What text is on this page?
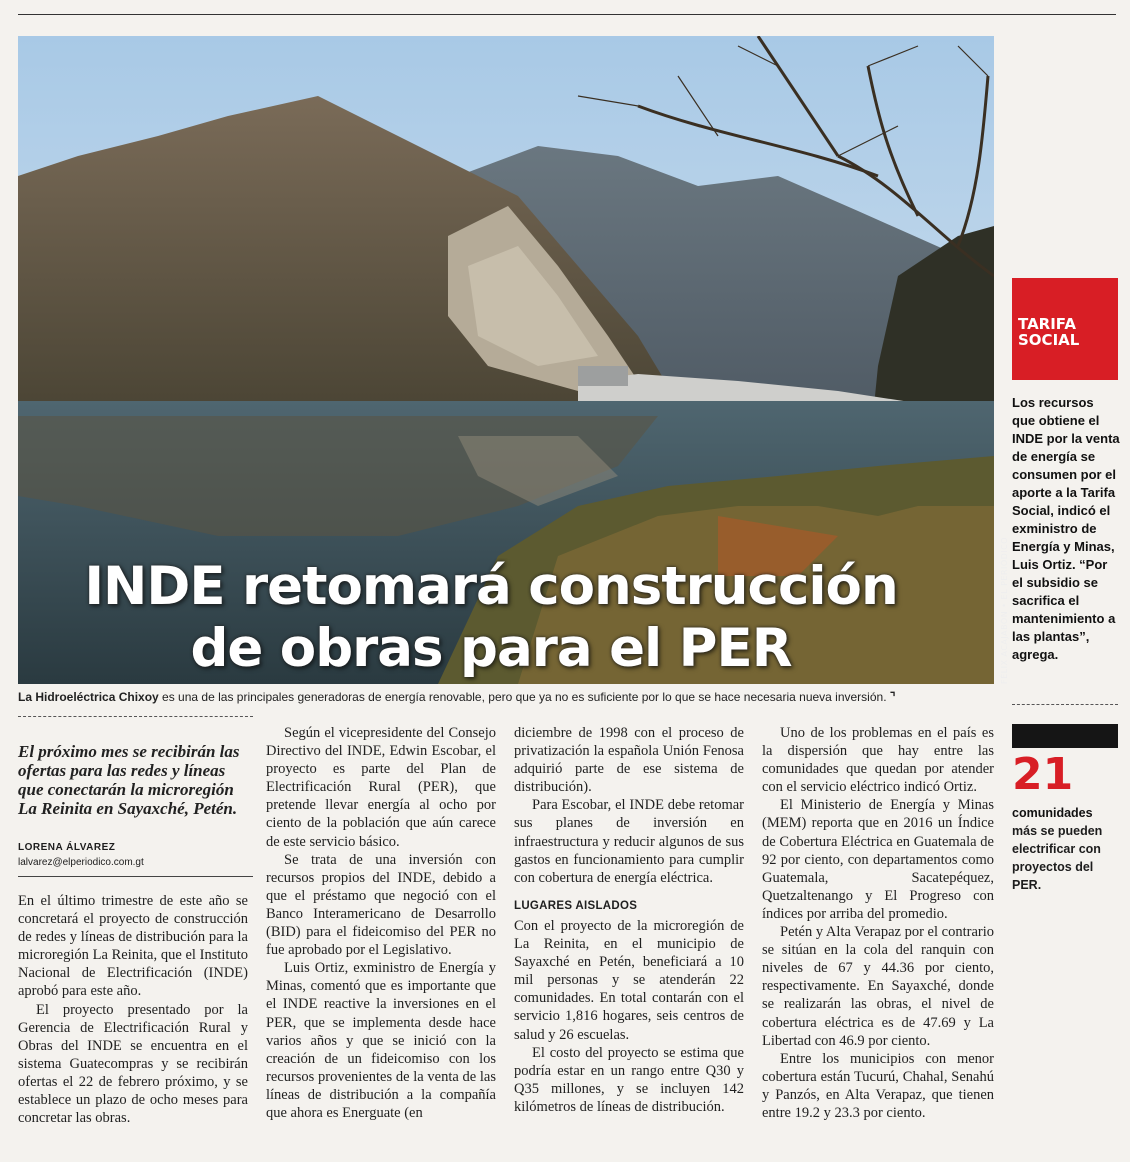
INDE retomará construcción
de obras para el PER	FÉLIX ACAJABÓN • EL PERIÓDICO
La Hidroeléctrica Chixoy es una de las principales generadoras de energía renovable, pero que ya no es suficiente por lo que se hace necesaria nueva inversión. ⌝
TARIFA
SOCIAL
Los recursos que obtiene el INDE por la venta de energía se consumen por el aporte a la Tarifa Social, indicó el exministro de Energía y Minas, Luis Ortiz. “Por el subsidio se sacrifica el mantenimiento a las plantas”, agrega.
21
comunidades más se pueden electrificar con proyectos del PER.
El próximo mes se recibirán las ofertas para las redes y líneas que conectarán la microregión La Reinita en Sayaxché, Petén.
LORENA ÁLVAREZ
lalvarez@elperiodico.com.gt

En el último trimestre de este año se concretará el proyecto de construcción de redes y líneas de distribución para la microregión La Reinita, que el Instituto Nacional de Electrificación (INDE) aprobó para este año.

El proyecto presentado por la Gerencia de Electrificación Rural y Obras del INDE se encuentra en el sistema Guatecompras y se recibirán ofertas el 22 de febrero próximo, y se establece un plazo de ocho meses para concretar las obras.

Según el vicepresidente del Consejo Directivo del INDE, Edwin Escobar, el proyecto es parte del Plan de Electrificación Rural (PER), que pretende llevar energía al ocho por ciento de la población que aún carece de este servicio básico.

Se trata de una inversión con recursos propios del INDE, debido a que el préstamo que negoció con el Banco Interamericano de Desarrollo (BID) para el fideicomiso del PER no fue aprobado por el Legislativo.

Luis Ortiz, exministro de Energía y Minas, comentó que es importante que el INDE reactive la inversiones en el PER, que se implementa desde hace varios años y que se inició con la creación de un fideicomiso con los recursos provenientes de la venta de las líneas de distribución a la compañía que ahora es Energuate (en

diciembre de 1998 con el proceso de privatización la española Unión Fenosa adquirió parte de ese sistema de distribución).

Para Escobar, el INDE debe retomar sus planes de inversión en infraestructura y reducir algunos de sus gastos en funcionamiento para cumplir con cobertura de energía eléctrica.

LUGARES AISLADOS

Con el proyecto de la microregión de La Reinita, en el municipio de Sayaxché en Petén, beneficiará a 10 mil personas y se atenderán 22 comunidades. En total contarán con el servicio 1,816 hogares, seis centros de salud y 26 escuelas.

El costo del proyecto se estima que podría estar en un rango entre Q30 y Q35 millones, y se incluyen 142 kilómetros de líneas de distribución.

Uno de los problemas en el país es la dispersión que hay entre las comunidades que quedan por atender con el servicio eléctrico indicó Ortiz.

El Ministerio de Energía y Minas (MEM) reporta que en 2016 un Índice de Cobertura Eléctrica en Guatemala de 92 por ciento, con departamentos como Guatemala, Sacatepéquez, Quetzaltenango y El Progreso con índices por arriba del promedio.

Petén y Alta Verapaz por el contrario se sitúan en la cola del ranquin con niveles de 67 y 44.36 por ciento, respectivamente. En Sayaxché, donde se realizarán las obras, el nivel de cobertura eléctrica es de 47.69 y La Libertad con 46.9 por ciento.

Entre los municipios con menor cobertura están Tucurú, Chahal, Senahú y Panzós, en Alta Verapaz, que tienen entre 19.2 y 23.3 por ciento.
